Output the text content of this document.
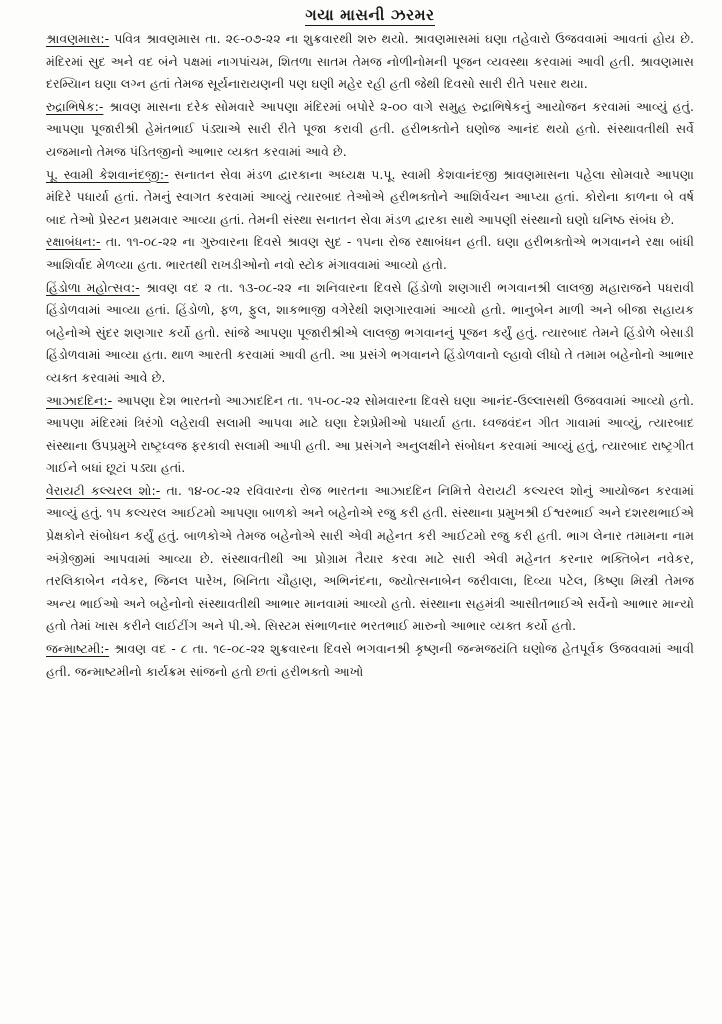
ગયા માસની ઝરમર

શ્રાવણમાસ:- પવિત્ર શ્રાવણમાસ તા. ૨૯-૦૭-૨૨ ના શુક્રવારથી શરુ થયો. શ્રાવણમાસમાં ઘણા તહેવારો ઉજવવામાં આવતાં હોય છે. મંદિરમાં સુદ અને વદ બંને પક્ષમાં નાગપાંચમ, શિતળા સાતમ તેમજ નોળીનોમની પૂજન વ્યવસ્થા કરવામાં આવી હતી. શ્રાવણમાસ દરમ્યિાન ઘણા લગ્ન હતાં તેમજ સૂર્યનારાયણની પણ ઘણી મહેર રહી હતી જેથી દિવસો સારી રીતે પસાર થયા.

રુદ્રાભિષેક:- શ્રાવણ માસના દરેક સોમવારે આપણા મંદિરમાં બપોરે ૨-૦૦ વાગે સમુહ રુદ્રાભિષેકનું આયોજન કરવામાં આવ્યું હતું. આપણા પૂજારીશ્રી હેમંતભાઈ પંડ્યાએ સારી રીતે પૂજા કરાવી હતી. હરીભક્તોને ઘણોજ આનંદ થયો હતો. સંસ્થાવતીથી સર્વે યજમાનો તેમજ પંડિતજીનો આભાર વ્યક્ત કરવામાં આવે છે.

પૂ. સ્વામી કેશવાનંદજી:- સનાતન સેવા મંડળ દ્વારકાના અધ્યક્ષ પ.પૂ. સ્વામી કેશવાનંદજી શ્રાવણમાસના પહેલા સોમવારે આપણા મંદિરે પધાર્યા હતાં. તેમનું સ્વાગત કરવામાં આવ્યું ત્યારબાદ તેઓએ હરીભક્તોને આશિર્વચન આપ્યા હતાં. કોરોના કાળના બે વર્ષ બાદ તેઓ પ્રેસ્ટન પ્રથમવાર આવ્યા હતાં. તેમની સંસ્થા સનાતન સેવા મંડળ દ્વારકા સાથે આપણી સંસ્થાનો ઘણો ઘનિષ્ઠ સંબંધ છે.

રક્ષાબંધન:- તા. ૧૧-૦૮-૨૨ ના ગુરુવારના દિવસે શ્રાવણ સુદ - ૧૫ના રોજ રક્ષાબંધન હતી. ઘણા હરીભક્તોએ ભગવાનને રક્ષા બાંધી આશિર્વાદ મેળવ્યા હતા. ભારતથી રાખડીઓનો નવો સ્ટોક મંગાવવામાં આવ્યો હતો.

હિંડોળા મહોત્સવ:- શ્રાવણ વદ ૨ તા. ૧૩-૦૮-૨૨ ના શનિવારના દિવસે હિંડોળો શણગારી ભગવાનશ્રી લાલજી મહારાજને પધરાવી હિંડોળવામાં આવ્યા હતાં. હિંડોળો, ફળ, ફુલ, શાકભાજી વગેરેથી શણગારવામાં આવ્યો હતો. ભાનુબેન માળી અને બીજા સહાયક બહેનોએ સુંદર શણગાર કર્યો હતો. સાંજે આપણા પૂજારીશ્રીએ લાલજી ભગવાનનું પૂજન કર્યું હતું. ત્યારબાદ તેમને હિંડોળે બેસાડી હિંડોળવામાં આવ્યા હતા. થાળ આરતી કરવામાં આવી હતી. આ પ્રસંગે ભગવાનને હિંડોળવાનો લ્હાવો લીધો તે તમામ બહેનોનો આભાર વ્યક્ત કરવામાં આવે છે.

આઝાદદિન:- આપણા દેશ ભારતનો આઝાદદિન તા. ૧૫-૦૮-૨૨ સોમવારના દિવસે ઘણા આનંદ-ઉલ્લાસથી ઉજવવામાં આવ્યો હતો. આપણા મંદિરમાં ત્રિરંગો લહેરાવી સલામી આપવા માટે ઘણા દેશપ્રેમીઓ પધાર્યા હતા. ધ્વજવંદન ગીત ગાવામાં આવ્યું, ત્યારબાદ સંસ્થાના ઉપપ્રમુખે રાષ્ટ્રધ્વજ ફરકાવી સલામી આપી હતી. આ પ્રસંગને અનુલક્ષીને સંબોધન કરવામાં આવ્યું હતું, ત્યારબાદ રાષ્ટ્રગીત ગાઈને બધાં છૂટાં પડ્યા હતાં.

વેરાયટી કલ્ચરલ શો:- તા. ૧૪-૦૮-૨૨ રવિવારના રોજ ભારતના આઝાદદિન નિમિત્તે વેરાયટી કલ્ચરલ શોનું આયોજન કરવામાં આવ્યું હતું. ૧૫ કલ્ચરલ આઈટમો આપણા બાળકો અને બહેનોએ રજુ કરી હતી. સંસ્થાના પ્રમુખશ્રી ઈશ્વરભાઈ અને દશરથભાઈએ પ્રેક્ષકોને સંબોધન કર્યું હતું. બાળકોએ તેમજ બહેનોએ સારી એવી મહેનત કરી આઈટમો રજુ કરી હતી. ભાગ લેનાર તમામના નામ અંગ્રેજીમાં આપવામાં આવ્યા છે. સંસ્થાવતીથી આ પ્રોગ્રામ તૈયાર કરવા માટે સારી એવી મહેનત કરનાર ભક્તિબેન નવેકર, તરલિકાબેન નવેકર, જિનલ પારેખ, બિનિતા ચૌહાણ, અભિનંદના, જ્યોત્સનાબેન જરીવાલા, દિવ્યા પટેલ, કિષ્ણા મિસ્ત્રી તેમજ અન્ય ભાઈઓ અને બહેનોનો સંસ્થાવતીથી આભાર માનવામાં આવ્યો હતો. સંસ્થાના સહમંત્રી આસીતભાઈએ સર્વેનો આભાર માન્યો હતો તેમાં ખાસ કરીને લાઈટીંગ અને પી.એ. સિસ્ટમ સંભાળનાર ભરતભાઈ મારુનો આભાર વ્યક્ત કર્યો હતો.

જન્માષ્ટમી:- શ્રાવણ વદ - ૮ તા. ૧૯-૦૮-૨૨ શુક્રવારના દિવસે ભગવાનશ્રી કૃષ્ણની જન્મજયંતિ ઘણોજ હેતપૂર્વક ઉજવવામાં આવી હતી. જન્માષ્ટમીનો કાર્યક્રમ સાંજનો હતો છતાં હરીભક્તો આખો
